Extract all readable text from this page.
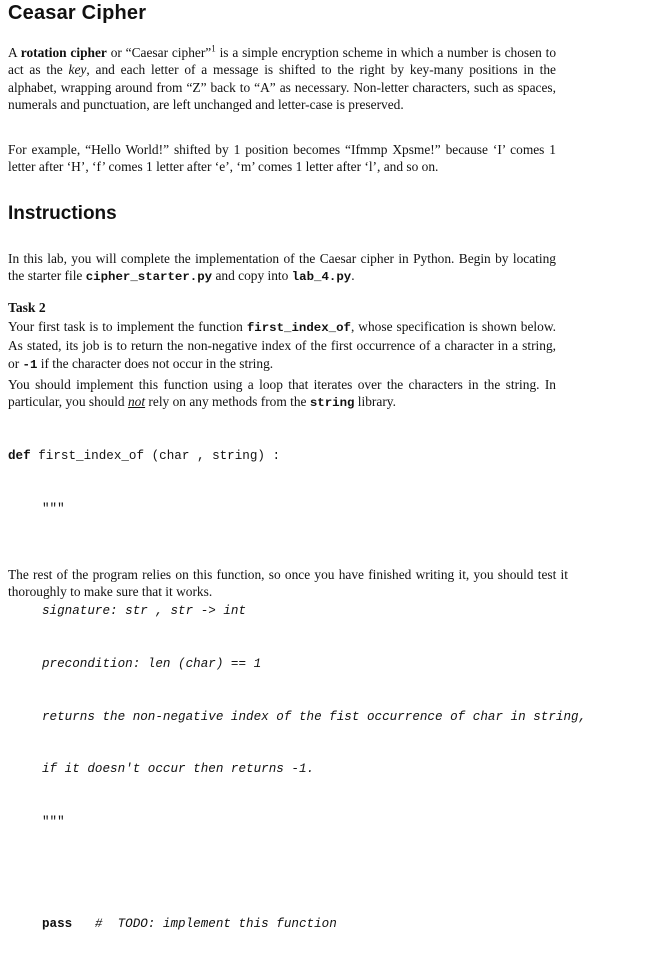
Ceasar Cipher

A rotation cipher or “Caesar cipher”$^1$ is a simple encryption scheme in which a number is chosen to act as the key, and each letter of a message is shifted to the right by key-many positions in the alphabet, wrapping around from “Z” back to “A” as necessary. Non-letter characters, such as spaces, numerals and punctuation, are left unchanged and letter-case is preserved.

For example, “Hello World!” shifted by 1 position becomes “Ifmmp Xpsme!” because ‘I’ comes 1 letter after ‘H’, ‘f’ comes 1 letter after ‘e’, ‘m’ comes 1 letter after ‘l’, and so on.

Instructions

In this lab, you will complete the implementation of the Caesar cipher in Python. Begin by locating the starter file cipher_starter.py and copy into lab_4.py.

Task 2

Your first task is to implement the function first_index_of, whose specification is shown below. As stated, its job is to return the non-negative index of the first occurrence of a character in a string, or -1 if the character does not occur in the string.

You should implement this function using a loop that iterates over the characters in the string. In particular, you should not rely on any methods from the string library.

def first_index_of (char , string) :

"""

signature: str , str -> int

precondition: len (char) == 1

returns the non-negative index of the fist occurrence of char in string,

if it doesn't occur then returns -1.

"""

pass   #  TODO: implement this function

The rest of the program relies on this function, so once you have finished writing it, you should test it thoroughly to make sure that it works.
